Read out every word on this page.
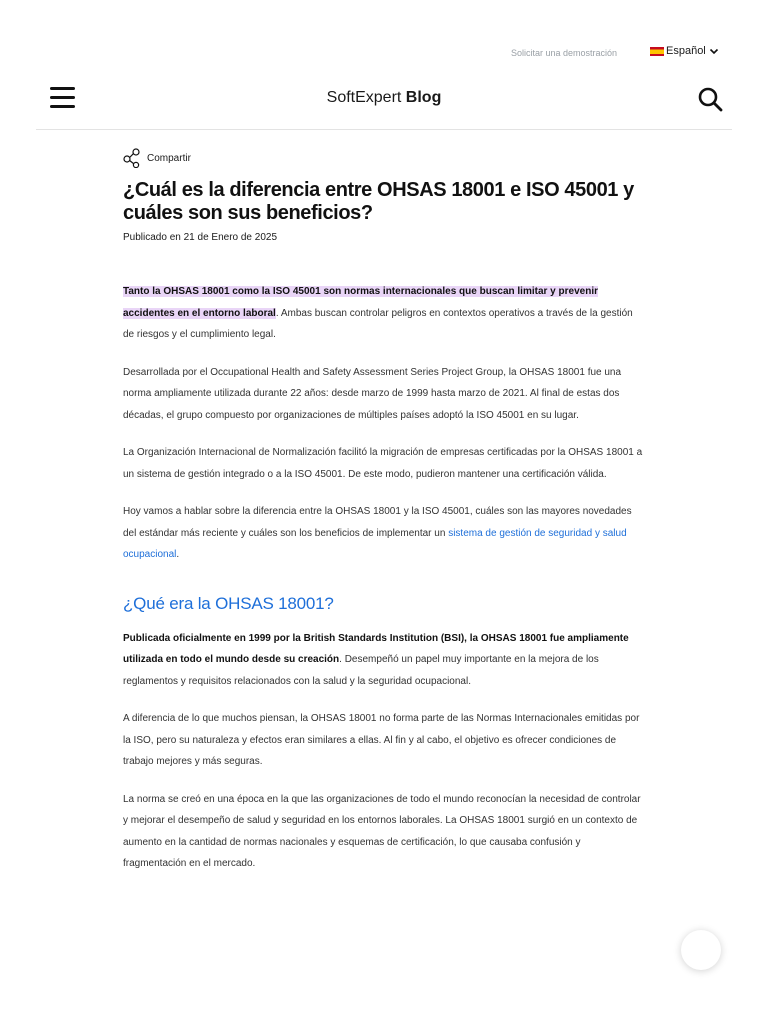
Solicitar una demostración	Español
SoftExpert Blog
Compartir
¿Cuál es la diferencia entre OHSAS 18001 e ISO 45001 y cuáles son sus beneficios?
Publicado en 21 de Enero de 2025

Tanto la OHSAS 18001 como la ISO 45001 son normas internacionales que buscan limitar y prevenir accidentes en el entorno laboral. Ambas buscan controlar peligros en contextos operativos a través de la gestión de riesgos y el cumplimiento legal.

Desarrollada por el Occupational Health and Safety Assessment Series Project Group, la OHSAS 18001 fue una norma ampliamente utilizada durante 22 años: desde marzo de 1999 hasta marzo de 2021. Al final de estas dos décadas, el grupo compuesto por organizaciones de múltiples países adoptó la ISO 45001 en su lugar.

La Organización Internacional de Normalización facilitó la migración de empresas certificadas por la OHSAS 18001 a un sistema de gestión integrado o a la ISO 45001. De este modo, pudieron mantener una certificación válida.

Hoy vamos a hablar sobre la diferencia entre la OHSAS 18001 y la ISO 45001, cuáles son las mayores novedades del estándar más reciente y cuáles son los beneficios de implementar un sistema de gestión de seguridad y salud ocupacional.

¿Qué era la OHSAS 18001?

Publicada oficialmente en 1999 por la British Standards Institution (BSI), la OHSAS 18001 fue ampliamente utilizada en todo el mundo desde su creación. Desempeñó un papel muy importante en la mejora de los reglamentos y requisitos relacionados con la salud y la seguridad ocupacional.

A diferencia de lo que muchos piensan, la OHSAS 18001 no forma parte de las Normas Internacionales emitidas por la ISO, pero su naturaleza y efectos eran similares a ellas. Al fin y al cabo, el objetivo es ofrecer condiciones de trabajo mejores y más seguras.

La norma se creó en una época en la que las organizaciones de todo el mundo reconocían la necesidad de controlar y mejorar el desempeño de salud y seguridad en los entornos laborales. La OHSAS 18001 surgió en un contexto de aumento en la cantidad de normas nacionales y esquemas de certificación, lo que causaba confusión y fragmentación en el mercado.
